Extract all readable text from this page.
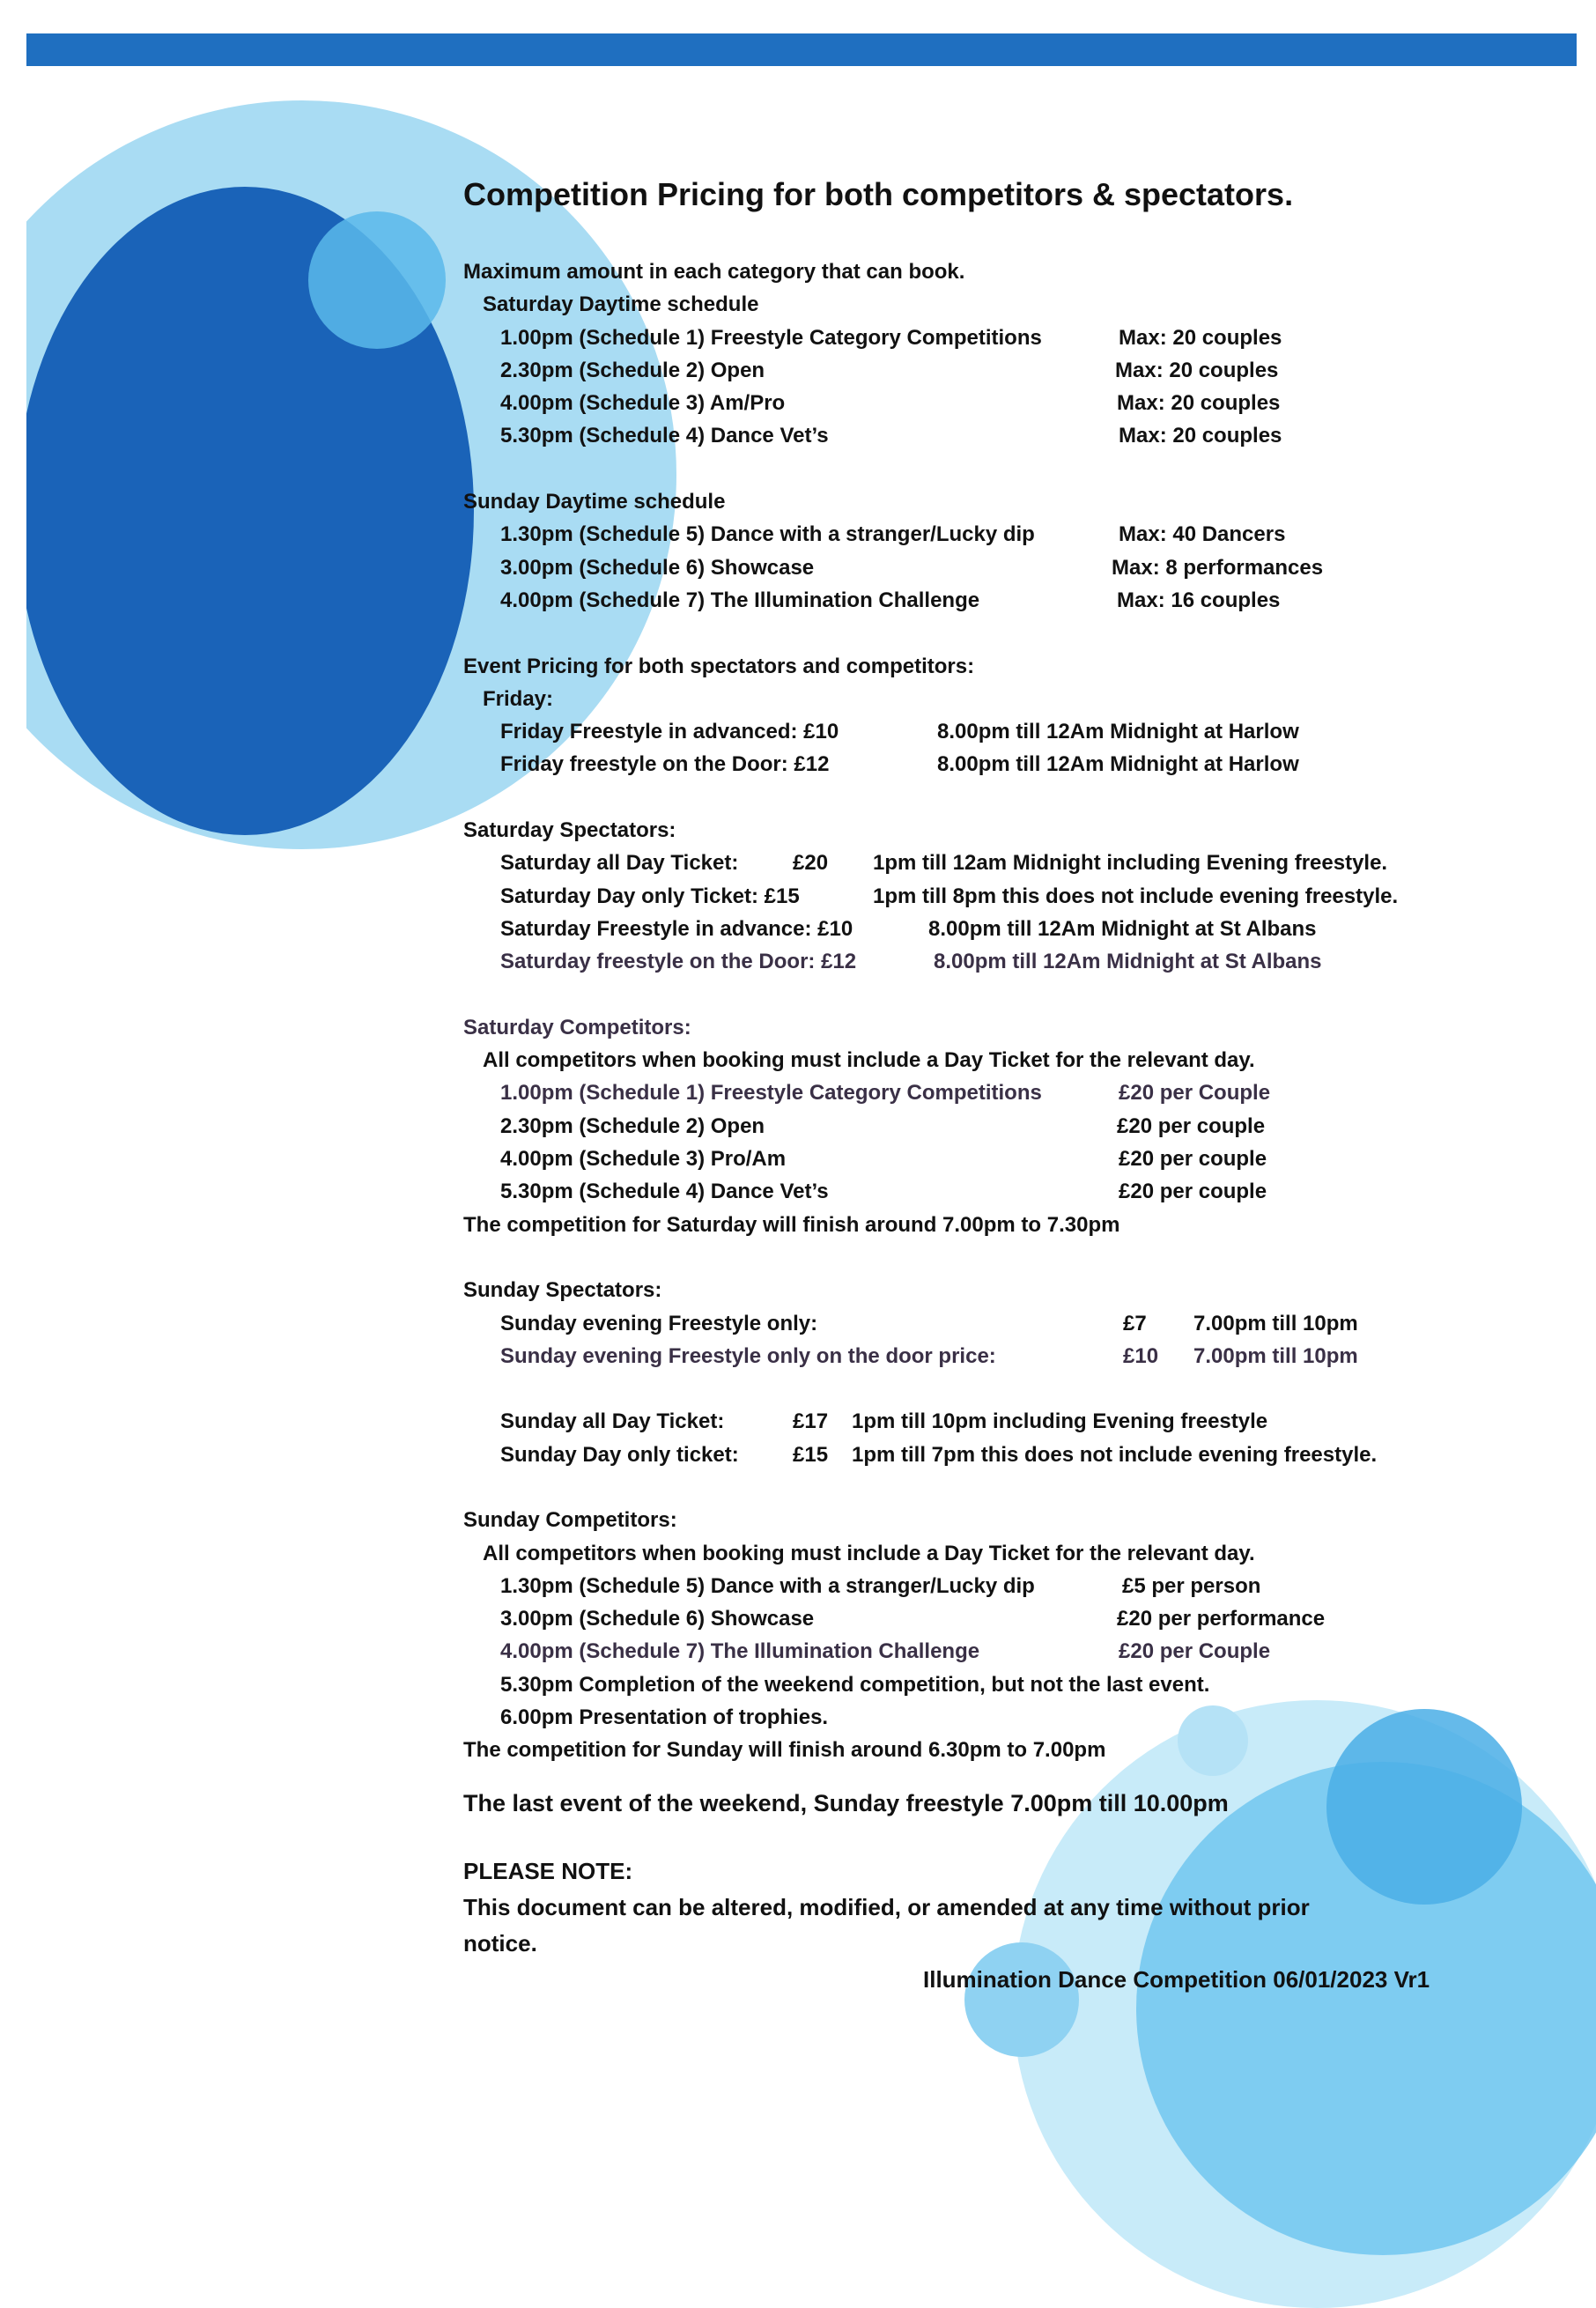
Competition Pricing for both competitors & spectators.
Maximum amount in each category that can book.
Saturday Daytime schedule
1.00pm (Schedule 1) Freestyle Category Competitions	Max: 20 couples
2.30pm (Schedule 2) Open	Max: 20 couples
4.00pm (Schedule 3) Am/Pro	Max: 20 couples
5.30pm (Schedule 4) Dance Vet’s	Max: 20 couples
Sunday Daytime schedule
1.30pm (Schedule 5) Dance with a stranger/Lucky dip	Max: 40 Dancers
3.00pm (Schedule 6) Showcase	Max: 8 performances
4.00pm (Schedule 7) The Illumination Challenge	Max: 16 couples
Event Pricing for both spectators and competitors:
Friday:
Friday Freestyle in advanced: £10	8.00pm till 12Am Midnight at Harlow
Friday freestyle on the Door: £12	8.00pm till 12Am Midnight at Harlow
Saturday Spectators:
Saturday all Day Ticket:	£20 1pm till 12am Midnight including Evening freestyle.
Saturday Day only Ticket: £15	1pm till 8pm this does not include evening freestyle.
Saturday Freestyle in advance: £10	8.00pm till 12Am Midnight at St Albans
Saturday freestyle on the Door: £12	8.00pm till 12Am Midnight at St Albans
Saturday Competitors:
All competitors when booking must include a Day Ticket for the relevant day.
1.00pm (Schedule 1) Freestyle Category Competitions	£20 per Couple
2.30pm (Schedule 2) Open	£20 per couple
4.00pm (Schedule 3) Pro/Am	£20 per couple
5.30pm (Schedule 4) Dance Vet’s	£20 per couple
The competition for Saturday will finish around 7.00pm to 7.30pm
Sunday Spectators:
Sunday evening Freestyle only:	£7 7.00pm till 10pm
Sunday evening Freestyle only on the door price:	£10 7.00pm till 10pm
Sunday all Day Ticket:	£17 1pm till 10pm including Evening freestyle
Sunday Day only ticket:	£15 1pm till 7pm this does not include evening freestyle.
Sunday Competitors:
All competitors when booking must include a Day Ticket for the relevant day.
1.30pm (Schedule 5) Dance with a stranger/Lucky dip	£5 per person
3.00pm (Schedule 6) Showcase	£20 per performance
4.00pm (Schedule 7) The Illumination Challenge	£20 per Couple
5.30pm Completion of the weekend competition, but not the last event.
6.00pm Presentation of trophies.
The competition for Sunday will finish around 6.30pm to 7.00pm
The last event of the weekend, Sunday freestyle 7.00pm till 10.00pm
PLEASE NOTE:
This document can be altered, modified, or amended at any time without prior
notice.
Illumination Dance Competition 06/01/2023 Vr1
